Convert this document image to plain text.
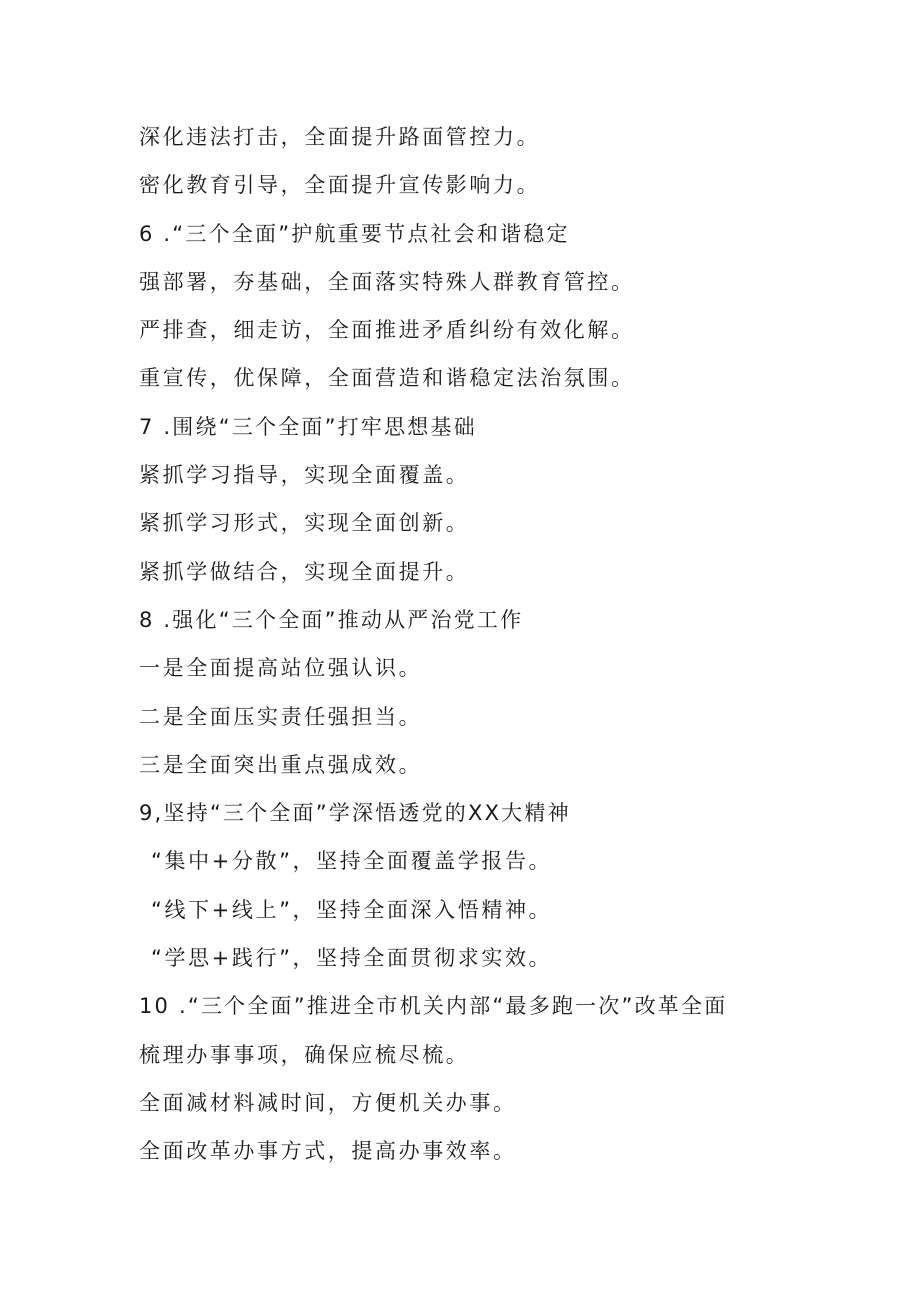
深化违法打击，全面提升路面管控力。
密化教育引导，全面提升宣传影响力。
6 .“三个全面”护航重要节点社会和谐稳定
强部署，夯基础，全面落实特殊人群教育管控。
严排查，细走访，全面推进矛盾纠纷有效化解。
重宣传，优保障，全面营造和谐稳定法治氛围。
7 .围绕“三个全面”打牢思想基础
紧抓学习指导，实现全面覆盖。
紧抓学习形式，实现全面创新。
紧抓学做结合，实现全面提升。
8 .强化“三个全面”推动从严治党工作
一是全面提高站位强认识。
二是全面压实责任强担当。
三是全面突出重点强成效。
9,坚持“三个全面”学深悟透党的XX大精神
“集中+分散”，坚持全面覆盖学报告。
“线下+线上”，坚持全面深入悟精神。
“学思+践行”，坚持全面贯彻求实效。
10 .“三个全面”推进全市机关内部“最多跑一次”改革全面
梳理办事事项，确保应梳尽梳。
全面减材料减时间，方便机关办事。
全面改革办事方式，提高办事效率。
